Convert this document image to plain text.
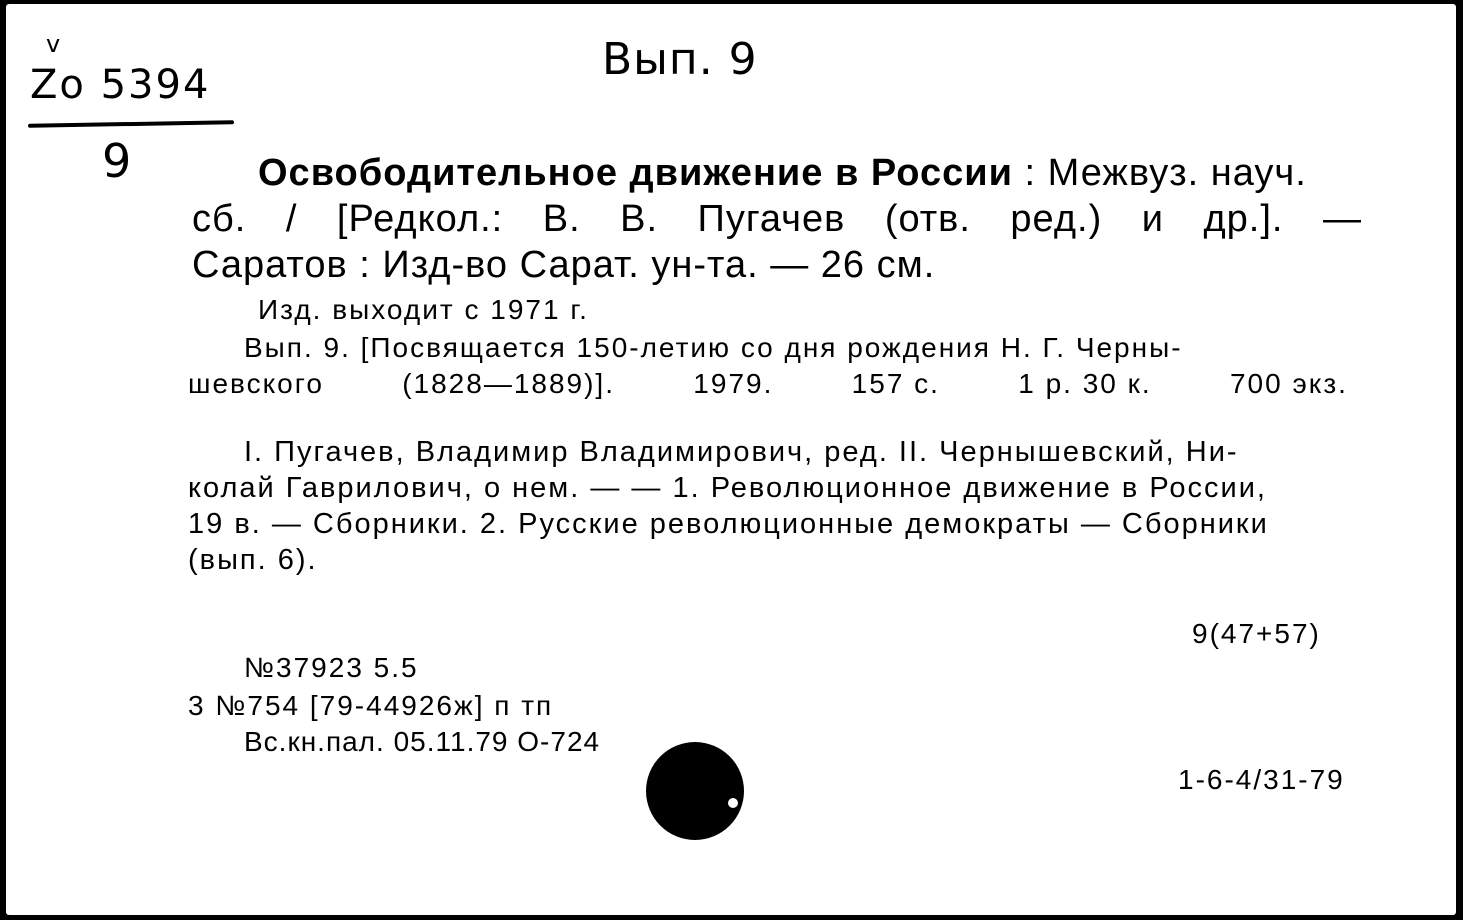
v
Zo 5394	Вып. 9
9	Освободительное движение в России : Межвуз. науч.
сб. / [Редкол.: В. В. Пугачев (отв. ред.) и др.]. —
Саратов : Изд-во Сарат. ун-та. — 26 см.
Изд. выходит с 1971 г.
Вып. 9. [Посвящается 150-летию со дня рождения Н. Г. Черны-
шевского	(1828—1889)].	1979.	157 с.	1 р. 30 к.	700 экз.
I. Пугачев, Владимир Владимирович, ред. II. Чернышевский, Ни-
колай Гаврилович, о нем. — — 1. Революционное движение в России,
19 в. — Сборники. 2. Русские революционные демократы — Сборники
(вып. 6).
9(47+57)
№37923 5.5
3 №754 [79-44926ж] п тп
Вс.кн.пал. 05.11.79 О-724
1-6-4/31-79
